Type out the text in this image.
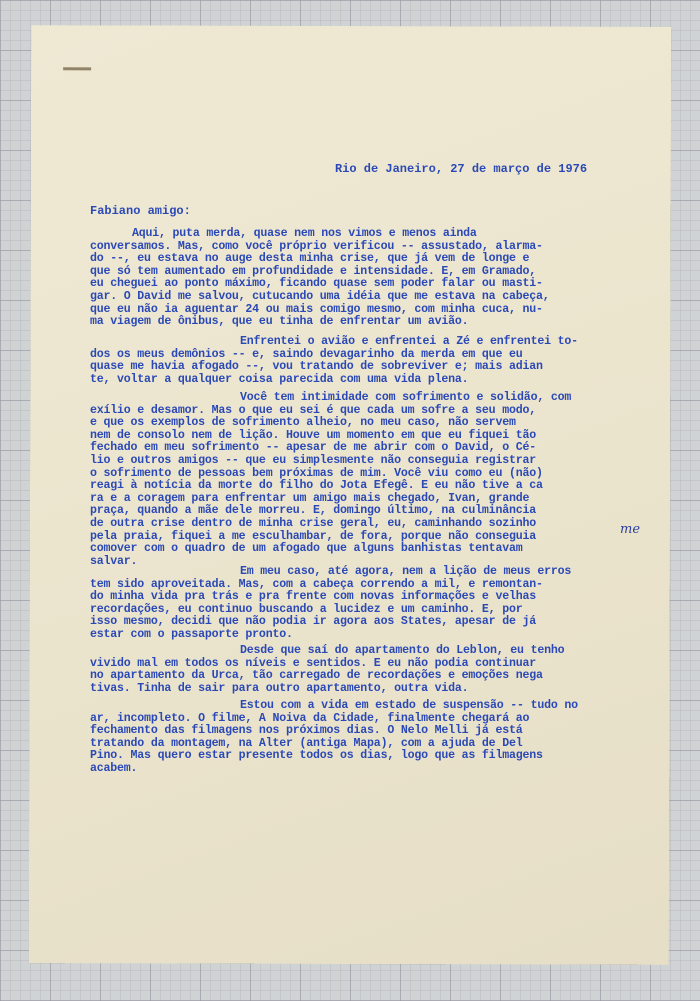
Rio de Janeiro, 27 de março de 1976
Fabiano amigo:
Aqui, puta merda, quase nem nos vimos e menos ainda
conversamos. Mas, como você próprio verificou -- assustado, alarma-
do --, eu estava no auge desta minha crise, que já vem de longe e
que só tem aumentado em profundidade e intensidade. E, em Gramado,
eu cheguei ao ponto máximo, ficando quase sem poder falar ou masti-
gar. O David me salvou, cutucando uma idéia que me estava na cabeça,
que eu não ia aguentar 24 ou mais comigo mesmo, com minha cuca, nu-
ma viagem de ônibus, que eu tinha de enfrentar um avião.
Enfrentei o avião e enfrentei a Zé e enfrentei to-
dos os meus demônios -- e, saindo devagarinho da merda em que eu
quase me havia afogado --, vou tratando de sobreviver e; mais adian
te, voltar a qualquer coisa parecida com uma vida plena.
Você tem intimidade com sofrimento e solidão, com
exílio e desamor. Mas o que eu sei é que cada um sofre a seu modo,
e que os exemplos de sofrimento alheio, no meu caso, não servem
nem de consolo nem de lição. Houve um momento em que eu fiquei tão
fechado em meu sofrimento -- apesar de me abrir com o David, o Cé-
lio e outros amigos -- que eu simplesmente não conseguia registrar
o sofrimento de pessoas bem próximas de mim. Você viu como eu (não)
reagi à notícia da morte do filho do Jota Efegê. E eu não tive a ca
ra e a coragem para enfrentar um amigo mais chegado, Ivan, grande
praça, quando a mãe dele morreu. E, domingo último, na culminância
de outra crise dentro de minha crise geral, eu, caminhando sozinho
pela praia, fiquei a me esculhambar, de fora, porque não conseguia
comover com o quadro de um afogado que alguns banhistas tentavam
salvar.
me
Em meu caso, até agora, nem a lição de meus erros
tem sido aproveitada. Mas, com a cabeça correndo a mil, e remontan-
do minha vida pra trás e pra frente com novas informações e velhas
recordações, eu continuo buscando a lucidez e um caminho. E, por
isso mesmo, decidi que não podia ir agora aos States, apesar de já
estar com o passaporte pronto.
Desde que saí do apartamento do Leblon, eu tenho
vivido mal em todos os níveis e sentidos. E eu não podia continuar
no apartamento da Urca, tão carregado de recordações e emoções nega
tivas. Tinha de sair para outro apartamento, outra vida.
Estou com a vida em estado de suspensão -- tudo no
ar, incompleto. O filme, A Noiva da Cidade, finalmente chegará ao
fechamento das filmagens nos próximos dias. O Nelo Melli já está
tratando da montagem, na Alter (antiga Mapa), com a ajuda de Del
Pino. Mas quero estar presente todos os dias, logo que as filmagens
acabem.
